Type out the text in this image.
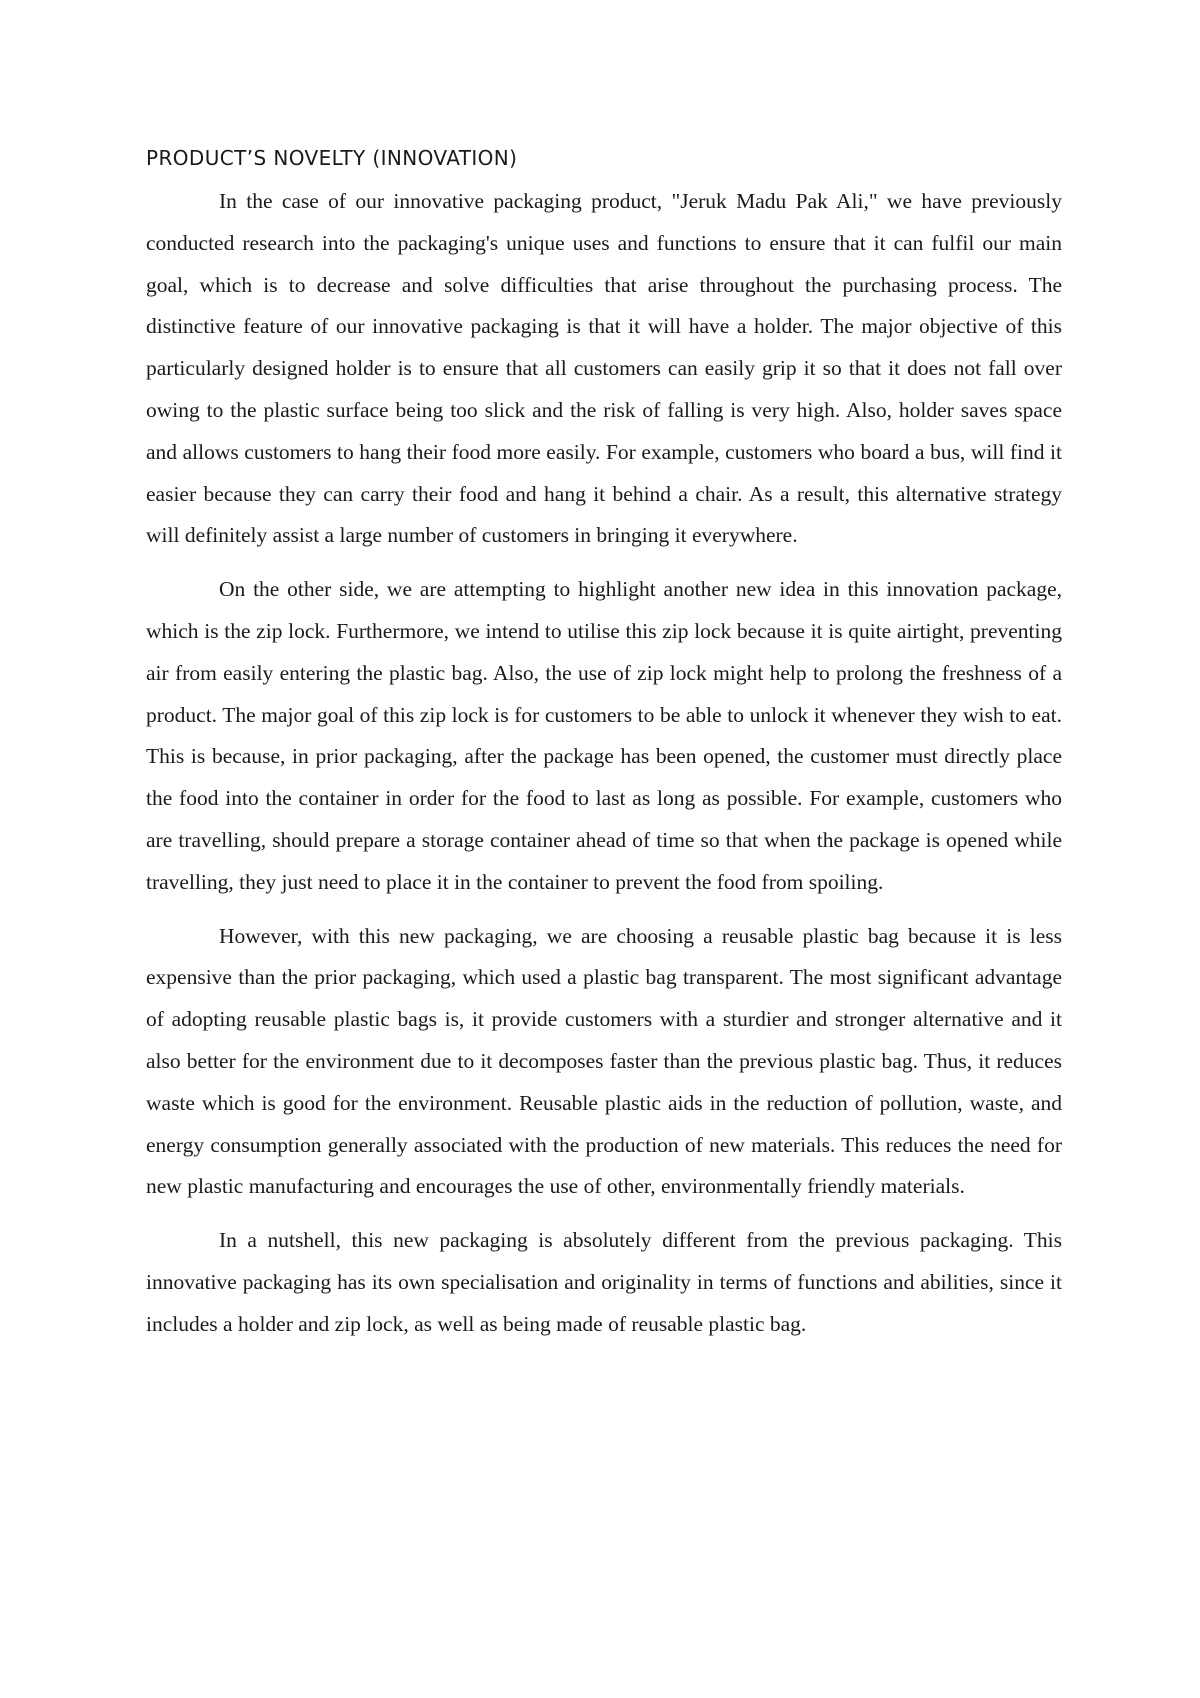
PRODUCT’S NOVELTY (INNOVATION)

In the case of our innovative packaging product, "Jeruk Madu Pak Ali," we have previously conducted research into the packaging's unique uses and functions to ensure that it can fulfil our main goal, which is to decrease and solve difficulties that arise throughout the purchasing process. The distinctive feature of our innovative packaging is that it will have a holder. The major objective of this particularly designed holder is to ensure that all customers can easily grip it so that it does not fall over owing to the plastic surface being too slick and the risk of falling is very high. Also, holder saves space and allows customers to hang their food more easily. For example, customers who board a bus, will find it easier because they can carry their food and hang it behind a chair. As a result, this alternative strategy will definitely assist a large number of customers in bringing it everywhere.

On the other side, we are attempting to highlight another new idea in this innovation package, which is the zip lock. Furthermore, we intend to utilise this zip lock because it is quite airtight, preventing air from easily entering the plastic bag. Also, the use of zip lock might help to prolong the freshness of a product. The major goal of this zip lock is for customers to be able to unlock it whenever they wish to eat. This is because, in prior packaging, after the package has been opened, the customer must directly place the food into the container in order for the food to last as long as possible. For example, customers who are travelling, should prepare a storage container ahead of time so that when the package is opened while travelling, they just need to place it in the container to prevent the food from spoiling.

However, with this new packaging, we are choosing a reusable plastic bag because it is less expensive than the prior packaging, which used a plastic bag transparent. The most significant advantage of adopting reusable plastic bags is, it provide customers with a sturdier and stronger alternative and it also better for the environment due to it decomposes faster than the previous plastic bag. Thus, it reduces waste which is good for the environment. Reusable plastic aids in the reduction of pollution, waste, and energy consumption generally associated with the production of new materials. This reduces the need for new plastic manufacturing and encourages the use of other, environmentally friendly materials.

In a nutshell, this new packaging is absolutely different from the previous packaging. This innovative packaging has its own specialisation and originality in terms of functions and abilities, since it includes a holder and zip lock, as well as being made of reusable plastic bag.
